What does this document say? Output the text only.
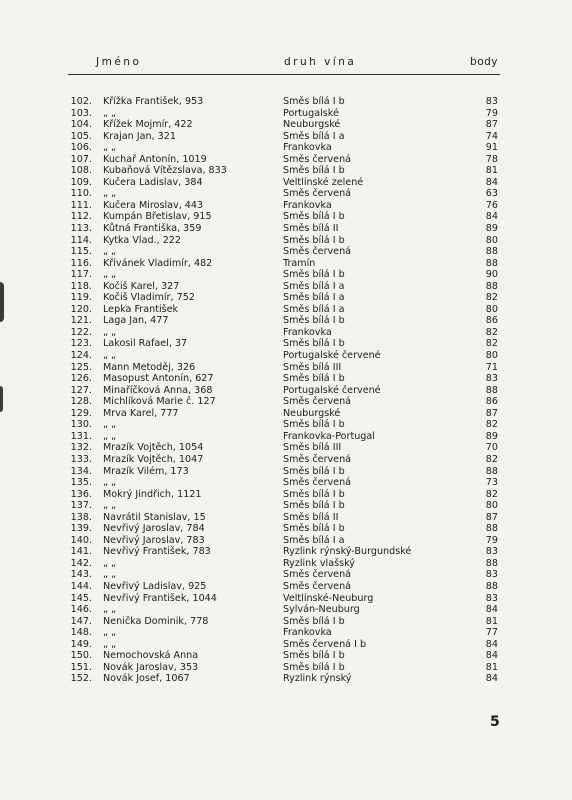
Jméno	druh vína	body
102. Křížka František, 953	Směs bílá I b	83
103. „ „	Portugalské	79
104. Křížek Mojmír, 422	Neuburgské	87
105. Krajan Jan, 321	Směs bílá I a	74
106. „ „	Frankovka	91
107. Kuchař Antonín, 1019	Směs červená	78
108. Kubaňová Vítězslava, 833	Směs bílá I b	81
109. Kučera Ladislav, 384	Veltlínské zelené	84
110. „ „	Směs červená	63
111. Kučera Miroslav, 443	Frankovka	76
112. Kumpán Břetislav, 915	Směs bílá I b	84
113. Kůtná Františka, 359	Směs bílá II	89
114. Kytka Vlad., 222	Směs bílá I b	80
115. „ „	Směs červená	88
116. Křivánek Vladimír, 482	Tramín	88
117. „ „	Směs bílá I b	90
118. Kočiš Karel, 327	Směs bílá I a	88
119. Kočiš Vladimír, 752	Směs bílá I a	82
120. Lepka František	Směs bílá I a	80
121. Laga Jan, 477	Směs bílá I b	86
122. „ „	Frankovka	82
123. Lakosil Rafael, 37	Směs bílá I b	82
124. „ „	Portugalské červené	80
125. Mann Metoděj, 326	Směs bílá III	71
126. Masopust Antonín, 627	Směs bílá I b	83
127. Minaříčková Anna, 368	Portugalské červené	88
128. Michlíková Marie č. 127	Směs červená	86
129. Mrva Karel, 777	Neuburgské	87
130. „ „	Směs bílá I b	82
131. „ „	Frankovka-Portugal	89
132. Mrazík Vojtěch, 1054	Směs bílá III	70
133. Mrazík Vojtěch, 1047	Směs červená	82
134. Mrazík Vilém, 173	Směs bílá I b	88
135. „ „	Směs červená	73
136. Mokrý Jindřich, 1121	Směs bílá I b	82
137. „ „	Směs bílá I b	80
138. Navrátil Stanislav, 15	Směs bílá II	87
139. Nevřivý Jaroslav, 784	Směs bílá I b	88
140. Nevřivý Jaroslav, 783	Směs bílá I a	79
141. Nevřivý František, 783	Ryzlink rýnský-Burgundské	83
142. „ „	Ryzlink vlašský	88
143. „ „	Směs červená	83
144. Nevřivý Ladislav, 925	Směs červená	88
145. Nevřivý František, 1044	Veltlínské-Neuburg	83
146. „ „	Sylván-Neuburg	84
147. Nenička Dominik, 778	Směs bílá I b	81
148. „ „	Frankovka	77
149. „ „	Směs červená I b	84
150. Nemochovská Anna	Směs bílá I b	84
151. Novák Jaroslav, 353	Směs bílá I b	81
152. Novák Josef, 1067	Ryzlink rýnský	84
5
